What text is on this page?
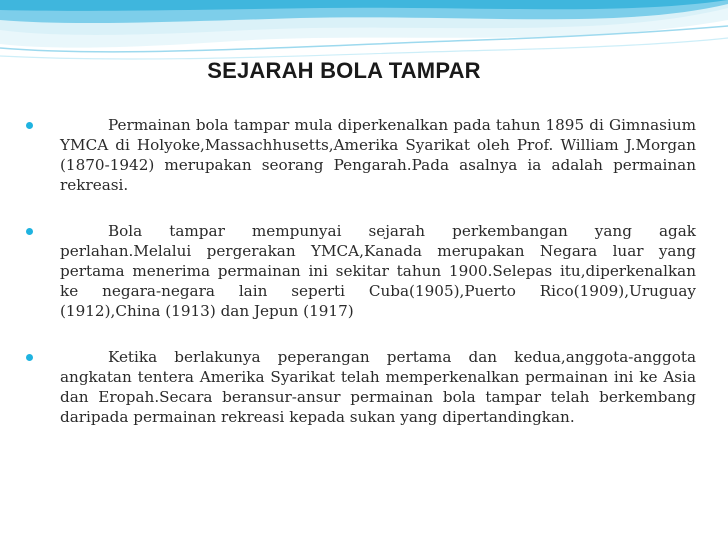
SEJARAH BOLA TAMPAR

Permainan bola tampar mula diperkenalkan pada tahun 1895 di Gimnasium YMCA di Holyoke,Massachhusetts,Amerika Syarikat oleh Prof. William J.Morgan (1870-1942) merupakan seorang Pengarah.Pada asalnya ia adalah permainan rekreasi.

Bola tampar mempunyai sejarah perkembangan yang agak perlahan.Melalui pergerakan YMCA,Kanada merupakan Negara luar yang pertama menerima permainan ini sekitar tahun 1900.Selepas itu,diperkenalkan ke negara-negara lain seperti Cuba(1905),Puerto Rico(1909),Uruguay (1912),China (1913) dan Jepun (1917)

Ketika berlakunya peperangan pertama dan kedua,anggota-anggota angkatan tentera Amerika Syarikat telah memperkenalkan permainan ini ke Asia dan Eropah.Secara beransur-ansur permainan bola tampar telah berkembang daripada permainan rekreasi kepada sukan yang dipertandingkan.
